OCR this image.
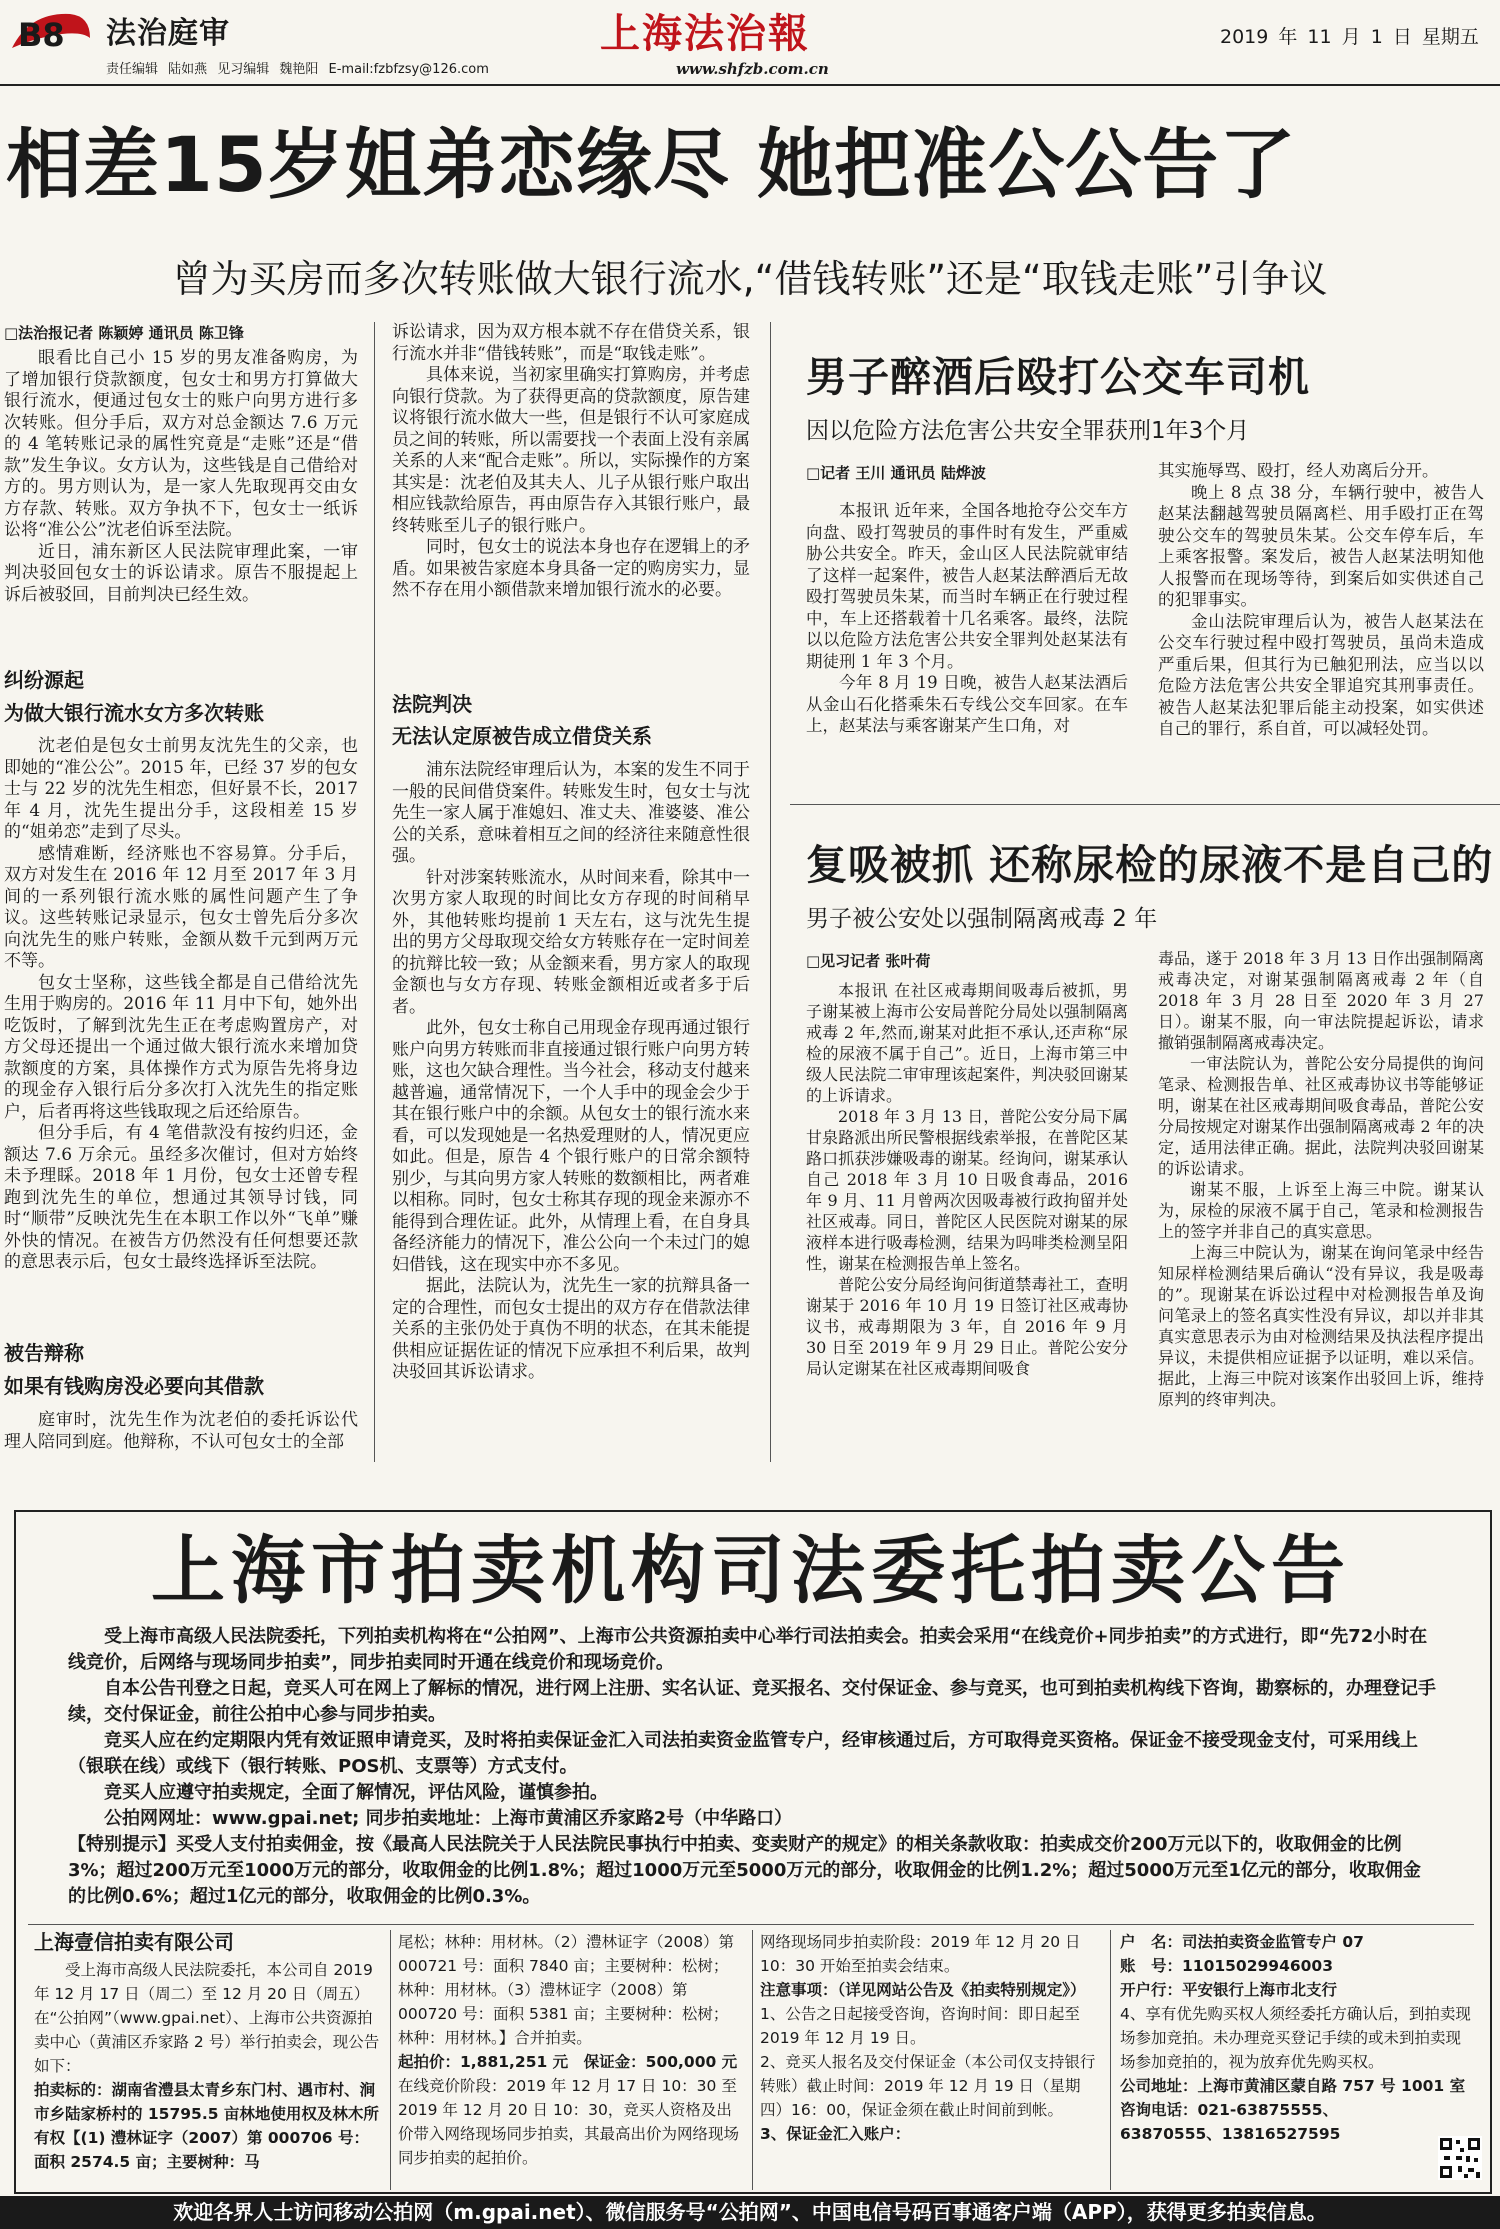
B8 法治庭审
责任编辑 陆如燕 见习编辑 魏艳阳 E-mail:fzbfzsy@126.com
上海法治報
www.shfzb.com.cn
2019 年 11 月 1 日 星期五
相差15岁姐弟恋缘尽 她把准公公告了
曾为买房而多次转账做大银行流水,“借钱转账”还是“取钱走账”引争议
□法治报记者 陈颖婷 通讯员 陈卫锋

眼看比自己小 15 岁的男友准备购房，为了增加银行贷款额度，包女士和男方打算做大银行流水，便通过包女士的账户向男方进行多次转账。但分手后，双方对总金额达 7.6 万元的 4 笔转账记录的属性究竟是“走账”还是“借款”发生争议。女方认为，这些钱是自己借给对方的。男方则认为，是一家人先取现再交由女方存款、转账。双方争执不下，包女士一纸诉讼将“准公公”沈老伯诉至法院。

近日，浦东新区人民法院审理此案，一审判决驳回包女士的诉讼请求。原告不服提起上诉后被驳回，目前判决已经生效。

纠纷源起
为做大银行流水女方多次转账

沈老伯是包女士前男友沈先生的父亲，也即她的“准公公”。2015 年，已经 37 岁的包女士与 22 岁的沈先生相恋，但好景不长，2017 年 4 月，沈先生提出分手，这段相差 15 岁的“姐弟恋”走到了尽头。

感情难断，经济账也不容易算。分手后，双方对发生在 2016 年 12 月至 2017 年 3 月间的一系列银行流水账的属性问题产生了争议。这些转账记录显示，包女士曾先后分多次向沈先生的账户转账，金额从数千元到两万元不等。

包女士坚称，这些钱全都是自己借给沈先生用于购房的。2016 年 11 月中下旬，她外出吃饭时，了解到沈先生正在考虑购置房产，对方父母还提出一个通过做大银行流水来增加贷款额度的方案，具体操作方式为原告先将身边的现金存入银行后分多次打入沈先生的指定账户，后者再将这些钱取现之后还给原告。

但分手后，有 4 笔借款没有按约归还，金额达 7.6 万余元。虽经多次催讨，但对方始终未予理睬。2018 年 1 月份，包女士还曾专程跑到沈先生的单位，想通过其领导讨钱，同时“顺带”反映沈先生在本职工作以外“飞单”赚外快的情况。在被告方仍然没有任何想要还款的意思表示后，包女士最终选择诉至法院。

被告辩称
如果有钱购房没必要向其借款

庭审时，沈先生作为沈老伯的委托诉讼代理人陪同到庭。他辩称，不认可包女士的全部

诉讼请求，因为双方根本就不存在借贷关系，银行流水并非“借钱转账”，而是“取钱走账”。

具体来说，当初家里确实打算购房，并考虑向银行贷款。为了获得更高的贷款额度，原告建议将银行流水做大一些，但是银行不认可家庭成员之间的转账，所以需要找一个表面上没有亲属关系的人来“配合走账”。所以，实际操作的方案其实是：沈老伯及其夫人、儿子从银行账户取出相应钱款给原告，再由原告存入其银行账户，最终转账至儿子的银行账户。

同时，包女士的说法本身也存在逻辑上的矛盾。如果被告家庭本身具备一定的购房实力，显然不存在用小额借款来增加银行流水的必要。

法院判决
无法认定原被告成立借贷关系

浦东法院经审理后认为，本案的发生不同于一般的民间借贷案件。转账发生时，包女士与沈先生一家人属于准媳妇、准丈夫、准婆婆、准公公的关系，意味着相互之间的经济往来随意性很强。

针对涉案转账流水，从时间来看，除其中一次男方家人取现的时间比女方存现的时间稍早外，其他转账均提前 1 天左右，这与沈先生提出的男方父母取现交给女方转账存在一定时间差的抗辩比较一致；从金额来看，男方家人的取现金额也与女方存现、转账金额相近或者多于后者。

此外，包女士称自己用现金存现再通过银行账户向男方转账而非直接通过银行账户向男方转账，这也欠缺合理性。当今社会，移动支付越来越普遍，通常情况下，一个人手中的现金会少于其在银行账户中的余额。从包女士的银行流水来看，可以发现她是一名热爱理财的人，情况更应如此。但是，原告 4 个银行账户的日常余额特别少，与其向男方家人转账的数额相比，两者难以相称。同时，包女士称其存现的现金来源亦不能得到合理佐证。此外，从情理上看，在自身具备经济能力的情况下，准公公向一个未过门的媳妇借钱，这在现实中亦不多见。

据此，法院认为，沈先生一家的抗辩具备一定的合理性，而包女士提出的双方存在借款法律关系的主张仍处于真伪不明的状态，在其未能提供相应证据佐证的情况下应承担不利后果，故判决驳回其诉讼请求。

男子醉酒后殴打公交车司机
因以危险方法危害公共安全罪获刑1年3个月
□记者 王川 通讯员 陆烨波

本报讯 近年来，全国各地抢夺公交车方向盘、殴打驾驶员的事件时有发生，严重威胁公共安全。昨天，金山区人民法院就审结了这样一起案件，被告人赵某法醉酒后无故殴打驾驶员朱某，而当时车辆正在行驶过程中，车上还搭载着十几名乘客。最终，法院以以危险方法危害公共安全罪判处赵某法有期徒刑 1 年 3 个月。

今年 8 月 19 日晚，被告人赵某法酒后从金山石化搭乘朱石专线公交车回家。在车上，赵某法与乘客谢某产生口角，对

其实施辱骂、殴打，经人劝离后分开。

晚上 8 点 38 分，车辆行驶中，被告人赵某法翻越驾驶员隔离栏、用手殴打正在驾驶公交车的驾驶员朱某。公交车停车后，车上乘客报警。案发后，被告人赵某法明知他人报警而在现场等待，到案后如实供述自己的犯罪事实。

金山法院审理后认为，被告人赵某法在公交车行驶过程中殴打驾驶员，虽尚未造成严重后果，但其行为已触犯刑法，应当以以危险方法危害公共安全罪追究其刑事责任。被告人赵某法犯罪后能主动投案，如实供述自己的罪行，系自首，可以减轻处罚。

复吸被抓 还称尿检的尿液不是自己的
男子被公安处以强制隔离戒毒 2 年
□见习记者 张叶荷

本报讯 在社区戒毒期间吸毒后被抓，男子谢某被上海市公安局普陀分局处以强制隔离戒毒 2 年,然而,谢某对此拒不承认,还声称“尿检的尿液不属于自己”。近日，上海市第三中级人民法院二审审理该起案件，判决驳回谢某的上诉请求。

2018 年 3 月 13 日，普陀公安分局下属甘泉路派出所民警根据线索举报，在普陀区某路口抓获涉嫌吸毒的谢某。经询问，谢某承认自己 2018 年 3 月 10 日吸食毒品，2016 年 9 月、11 月曾两次因吸毒被行政拘留并处社区戒毒。同日，普陀区人民医院对谢某的尿液样本进行吸毒检测，结果为吗啡类检测呈阳性，谢某在检测报告单上签名。

普陀公安分局经询问街道禁毒社工，查明谢某于 2016 年 10 月 19 日签订社区戒毒协议书，戒毒期限为 3 年，自 2016 年 9 月 30 日至 2019 年 9 月 29 日止。普陀公安分局认定谢某在社区戒毒期间吸食

毒品，遂于 2018 年 3 月 13 日作出强制隔离戒毒决定，对谢某强制隔离戒毒 2 年（自 2018 年 3 月 28 日至 2020 年 3 月 27 日）。谢某不服，向一审法院提起诉讼，请求撤销强制隔离戒毒决定。

一审法院认为，普陀公安分局提供的询问笔录、检测报告单、社区戒毒协议书等能够证明，谢某在社区戒毒期间吸食毒品，普陀公安分局按规定对谢某作出强制隔离戒毒 2 年的决定，适用法律正确。据此，法院判决驳回谢某的诉讼请求。

谢某不服，上诉至上海三中院。谢某认为，尿检的尿液不属于自己，笔录和检测报告上的签字并非自己的真实意思。

上海三中院认为，谢某在询问笔录中经告知尿样检测结果后确认“没有异议，我是吸毒的”。现谢某在诉讼过程中对检测报告单及询问笔录上的签名真实性没有异议，却以并非其真实意思表示为由对检测结果及执法程序提出异议，未提供相应证据予以证明，难以采信。据此，上海三中院对该案作出驳回上诉，维持原判的终审判决。

上海市拍卖机构司法委托拍卖公告

受上海市高级人民法院委托，下列拍卖机构将在“公拍网”、上海市公共资源拍卖中心举行司法拍卖会。拍卖会采用“在线竞价+同步拍卖”的方式进行，即“先72小时在线竞价，后网络与现场同步拍卖”，同步拍卖同时开通在线竞价和现场竞价。

自本公告刊登之日起，竞买人可在网上了解标的情况，进行网上注册、实名认证、竞买报名、交付保证金、参与竞买，也可到拍卖机构线下咨询，勘察标的，办理登记手续，交付保证金，前往公拍中心参与同步拍卖。

竞买人应在约定期限内凭有效证照申请竞买，及时将拍卖保证金汇入司法拍卖资金监管专户，经审核通过后，方可取得竞买资格。保证金不接受现金支付，可采用线上（银联在线）或线下（银行转账、POS机、支票等）方式支付。

竞买人应遵守拍卖规定，全面了解情况，评估风险，谨慎参拍。

公拍网网址：www.gpai.net; 同步拍卖地址：上海市黄浦区乔家路2号（中华路口）

【特别提示】买受人支付拍卖佣金，按《最高人民法院关于人民法院民事执行中拍卖、变卖财产的规定》的相关条款收取：拍卖成交价200万元以下的，收取佣金的比例3%；超过200万元至1000万元的部分，收取佣金的比例1.8%；超过1000万元至5000万元的部分，收取佣金的比例1.2%；超过5000万元至1亿元的部分，收取佣金的比例0.6%；超过1亿元的部分，收取佣金的比例0.3%。

上海壹信拍卖有限公司

受上海市高级人民法院委托，本公司自 2019 年 12 月 17 日（周二）至 12 月 20 日（周五）在“公拍网”（www.gpai.net）、上海市公共资源拍卖中心（黄浦区乔家路 2 号）举行拍卖会，现公告如下：

拍卖标的：湖南省澧县太青乡东门村、遇市村、涧市乡陆家桥村的 15795.5 亩林地使用权及林木所有权【(1) 澧林证字（2007）第 000706 号：面积 2574.5 亩；主要树种：马

尾松；林种：用材林。（2）澧林证字（2008）第 000721 号：面积 7840 亩；主要树种：松树；林种：用材林。（3）澧林证字（2008）第 000720 号：面积 5381 亩；主要树种：松树；林种：用材林。】合并拍卖。

起拍价：1,881,251 元　保证金：500,000 元

在线竞价阶段：2019 年 12 月 17 日 10：30 至 2019 年 12 月 20 日 10：30，竞买人资格及出价带入网络现场同步拍卖，其最高出价为网络现场同步拍卖的起拍价。

网络现场同步拍卖阶段：2019 年 12 月 20 日 10：30 开始至拍卖会结束。

注意事项：（详见网站公告及《拍卖特别规定》）

1、公告之日起接受咨询，咨询时间：即日起至 2019 年 12 月 19 日。

2、竞买人报名及交付保证金（本公司仅支持银行转账）截止时间：2019 年 12 月 19 日（星期四）16：00，保证金须在截止时间前到帐。

3、保证金汇入账户：

户　名：司法拍卖资金监管专户 07

账　号：11015029946003

开户行：平安银行上海市北支行

4、享有优先购买权人须经委托方确认后，到拍卖现场参加竞拍。未办理竞买登记手续的或未到拍卖现场参加竞拍的，视为放弃优先购买权。

公司地址：上海市黄浦区蒙自路 757 号 1001 室

咨询电话：021-63875555、63870555、13816527595

欢迎各界人士访问移动公拍网（m.gpai.net）、微信服务号“公拍网”、中国电信号码百事通客户端（APP），获得更多拍卖信息。
